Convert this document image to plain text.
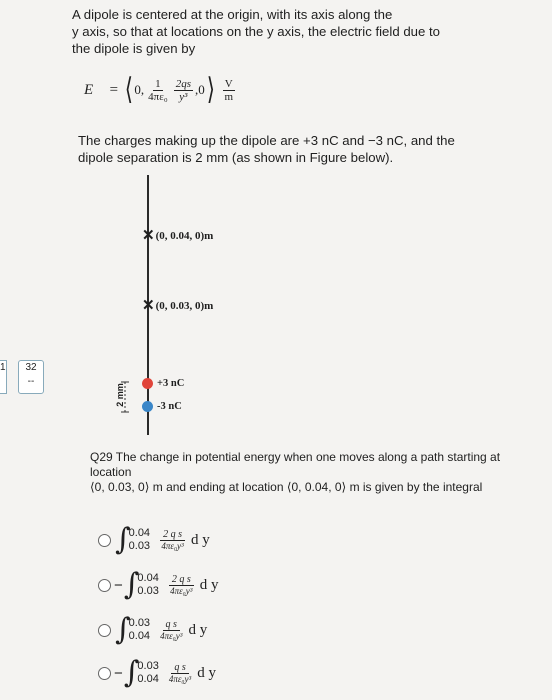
A dipole is centered at the origin, with its axis along the
y axis, so that at locations on the y axis, the electric field due to
the dipole is given by
E⃗ = ⟨ 0, $\frac{1}{\text{4πε₀}} \frac{2qs}{\text{y³}} ,0$ ⟩ $\frac{V}{m}$
The charges making up the dipole are +3 nC and −3 nC, and the
dipole separation is 2 mm (as shown in Figure below).
✕ (0, 0.04, 0)m
✕ (0, 0.03, 0)m
+3 nC
-3 nC
2 mm
1	32
--
Q29 The change in potential energy when one moves along a path starting at location
⟨0, 0.03, 0⟩ m and ending at location ⟨0, 0.04, 0⟩ m is given by the integral
∫
0.04
$0.03 \frac{\text{2 q s}}{\text{4πε₀y³}}$ d y
− ∫
0.04
$0.03 \frac{\text{2 q s}}{\text{4πε₀y³}}$ d y
∫
0.03
$0.04 \frac{\text{q s}}{\text{4πε₀y³}}$ d y
− ∫
0.03
$0.04 \frac{\text{q s}}{\text{4πε₀y³}}$ d y
